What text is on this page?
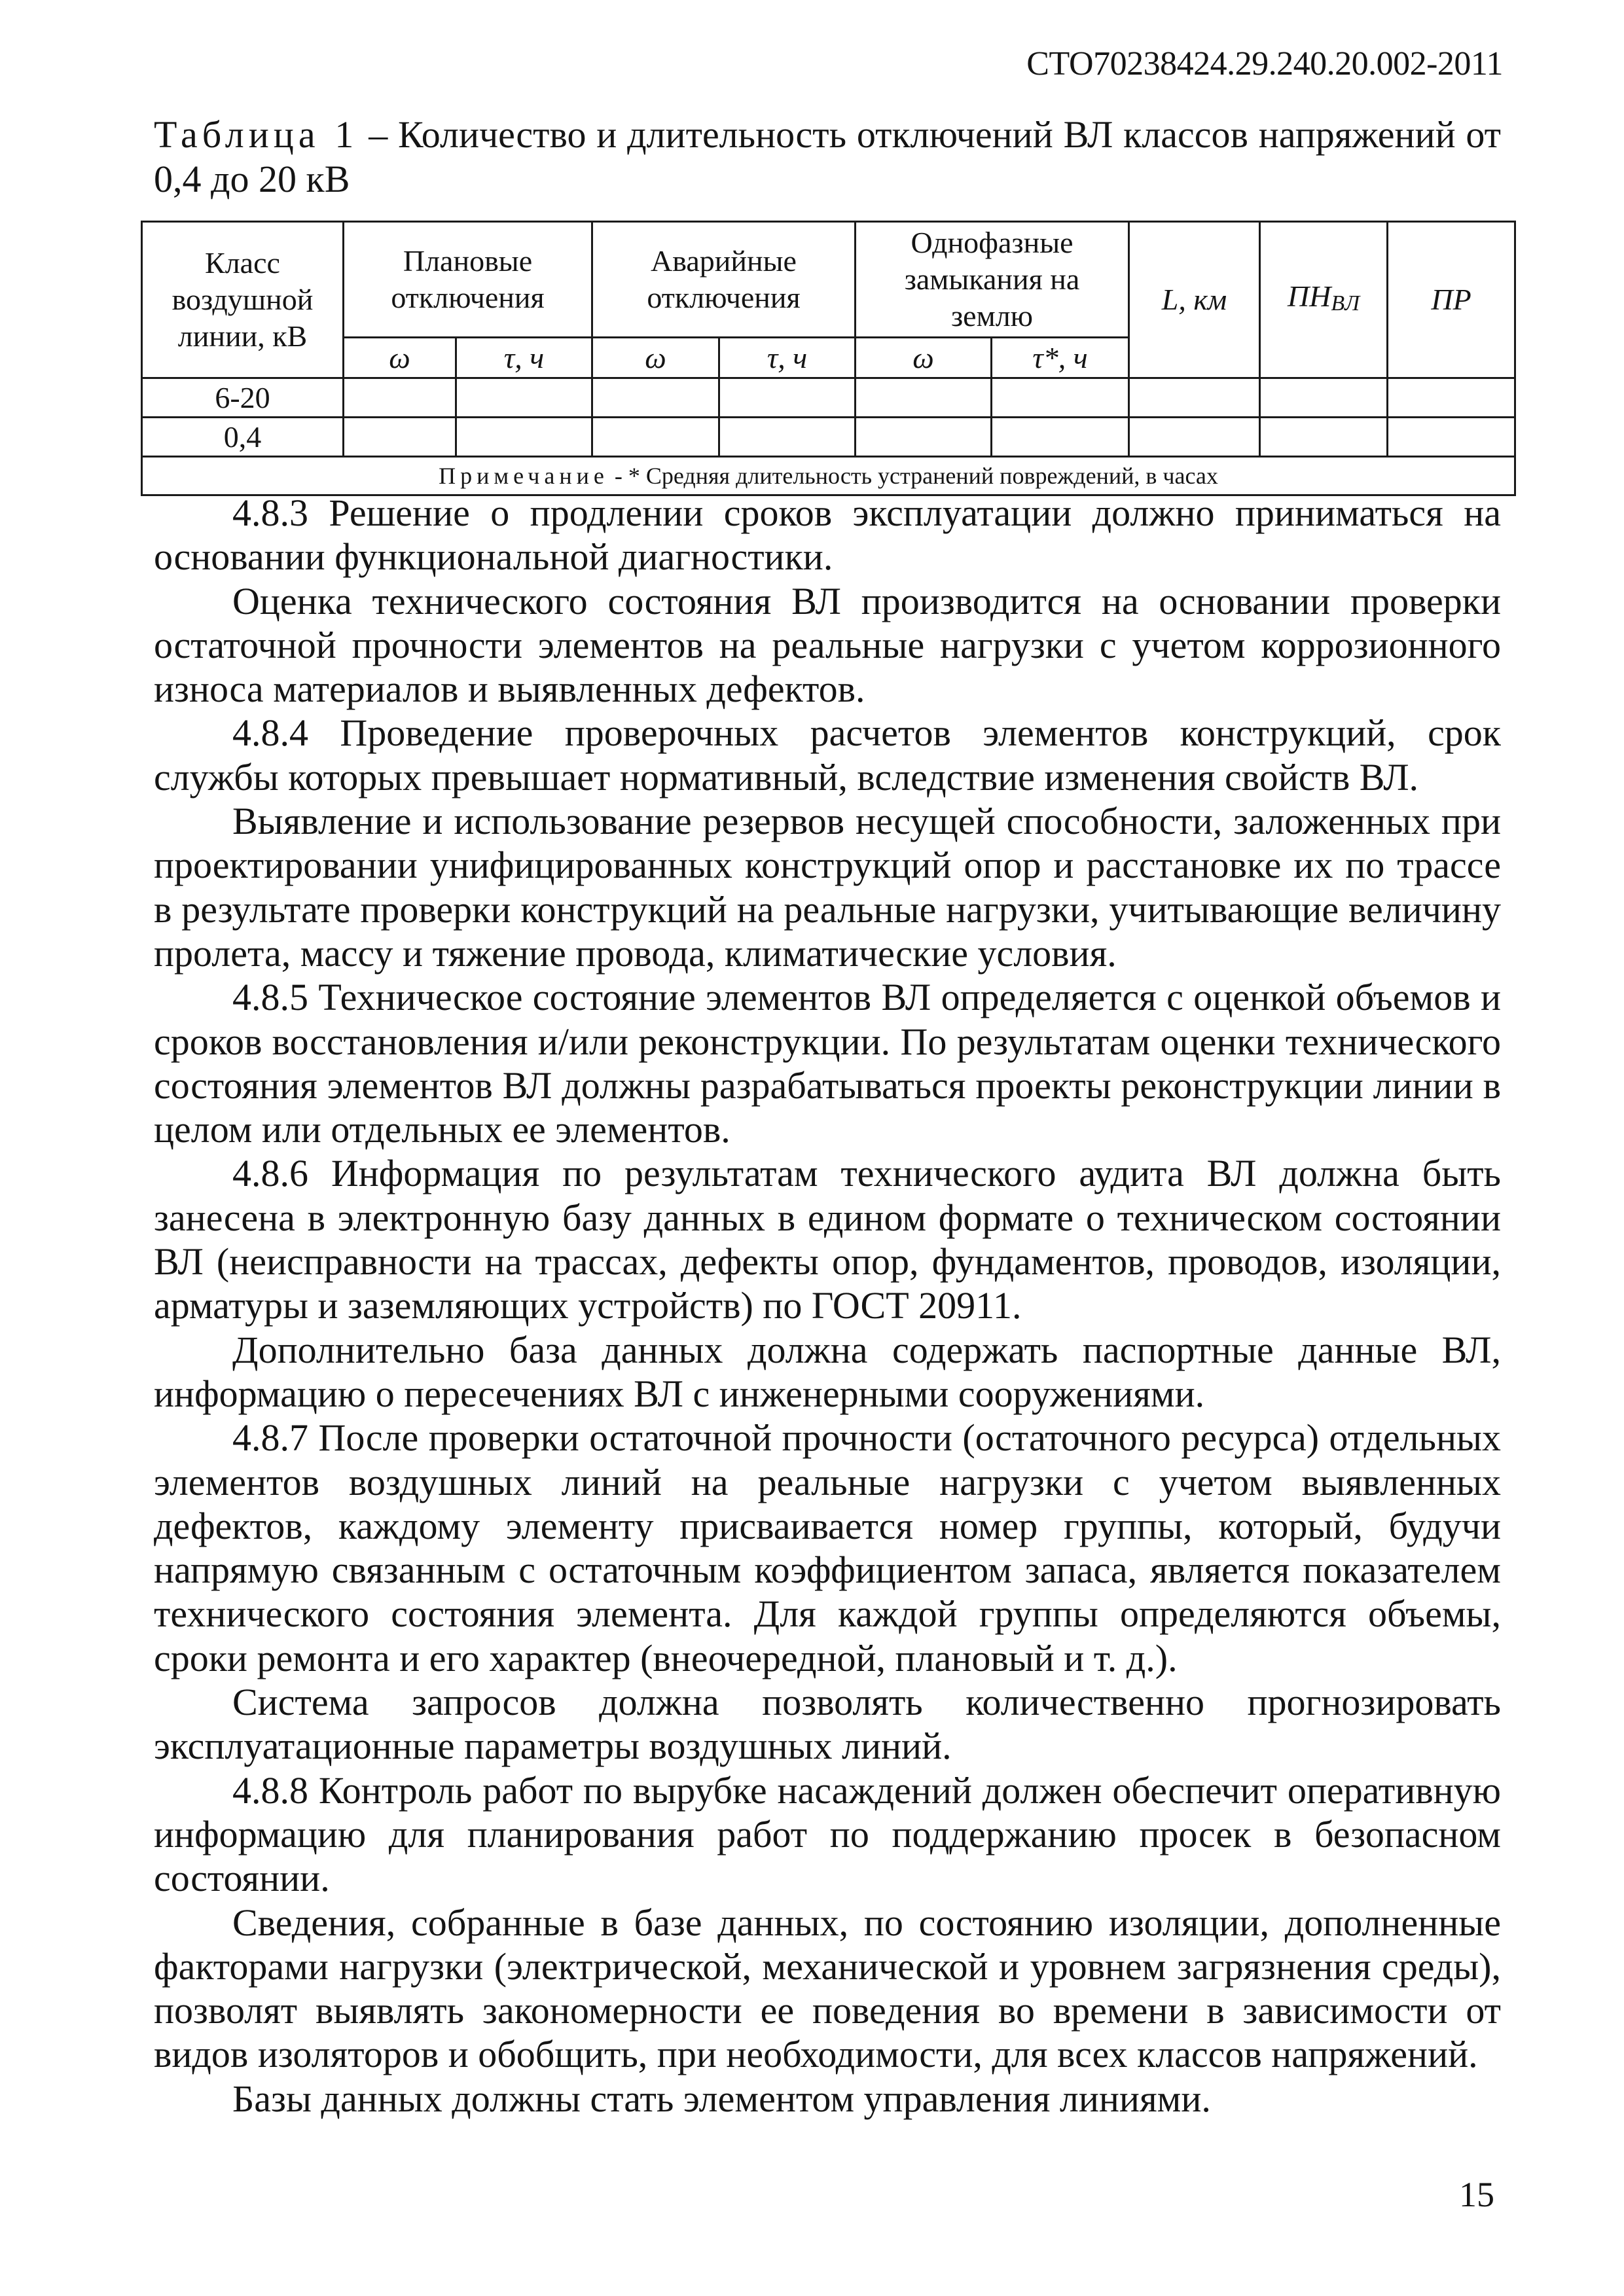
СТО70238424.29.240.20.002-2011
Таблица 1 – Количество и длительность отключений ВЛ классов напряжений от 0,4 до 20 кВ
Класс воздушной линии, кВ	Плановые отключения		Аварийные отключения		Однофазные замыкания на землю		L, км	ПНВЛ	ПР
	ω	τ, ч	ω	τ, ч	ω	τ*, ч			
6-20									
0,4									
Примечание - * Средняя длительность устранений повреждений, в часах									

4.8.3 Решение о продлении сроков эксплуатации должно приниматься на основании функциональной диагностики.

Оценка технического состояния ВЛ производится на основании проверки остаточной прочности элементов на реальные нагрузки с учетом коррозионного износа материалов и выявленных дефектов.

4.8.4 Проведение проверочных расчетов элементов конструкций, срок службы которых превышает нормативный, вследствие изменения свойств ВЛ.

Выявление и использование резервов несущей способности, заложенных при проектировании унифицированных конструкций опор и расстановке их по трассе в результате проверки конструкций на реальные нагрузки, учитывающие величину пролета, массу и тяжение провода, климатические условия.

4.8.5 Техническое состояние элементов ВЛ определяется с оценкой объемов и сроков восстановления и/или реконструкции. По результатам оценки технического состояния элементов ВЛ должны разрабатываться проекты реконструкции линии в целом или отдельных ее элементов.

4.8.6 Информация по результатам технического аудита ВЛ должна быть занесена в электронную базу данных в едином формате о техническом состоянии ВЛ (неисправности на трассах, дефекты опор, фундаментов, проводов, изоляции, арматуры и заземляющих устройств) по ГОСТ 20911.

Дополнительно база данных должна содержать паспортные данные ВЛ, информацию о пересечениях ВЛ с инженерными сооружениями.

4.8.7 После проверки остаточной прочности (остаточного ресурса) отдельных элементов воздушных линий на реальные нагрузки с учетом выявленных дефектов, каждому элементу присваивается номер группы, который, будучи напрямую связанным с остаточным коэффициентом запаса, является показателем технического состояния элемента. Для каждой группы определяются объемы, сроки ремонта и его характер (внеочередной, плановый и т. д.).

Система запросов должна позволять количественно прогнозировать эксплуатационные параметры воздушных линий.

4.8.8 Контроль работ по вырубке насаждений должен обеспечит оперативную информацию для планирования работ по поддержанию просек в безопасном состоянии.

Сведения, собранные в базе данных, по состоянию изоляции, дополненные факторами нагрузки (электрической, механической и уровнем загрязнения среды), позволят выявлять закономерности ее поведения во времени в зависимости от видов изоляторов и обобщить, при необходимости, для всех классов напряжений.

Базы данных должны стать элементом управления линиями.

15
